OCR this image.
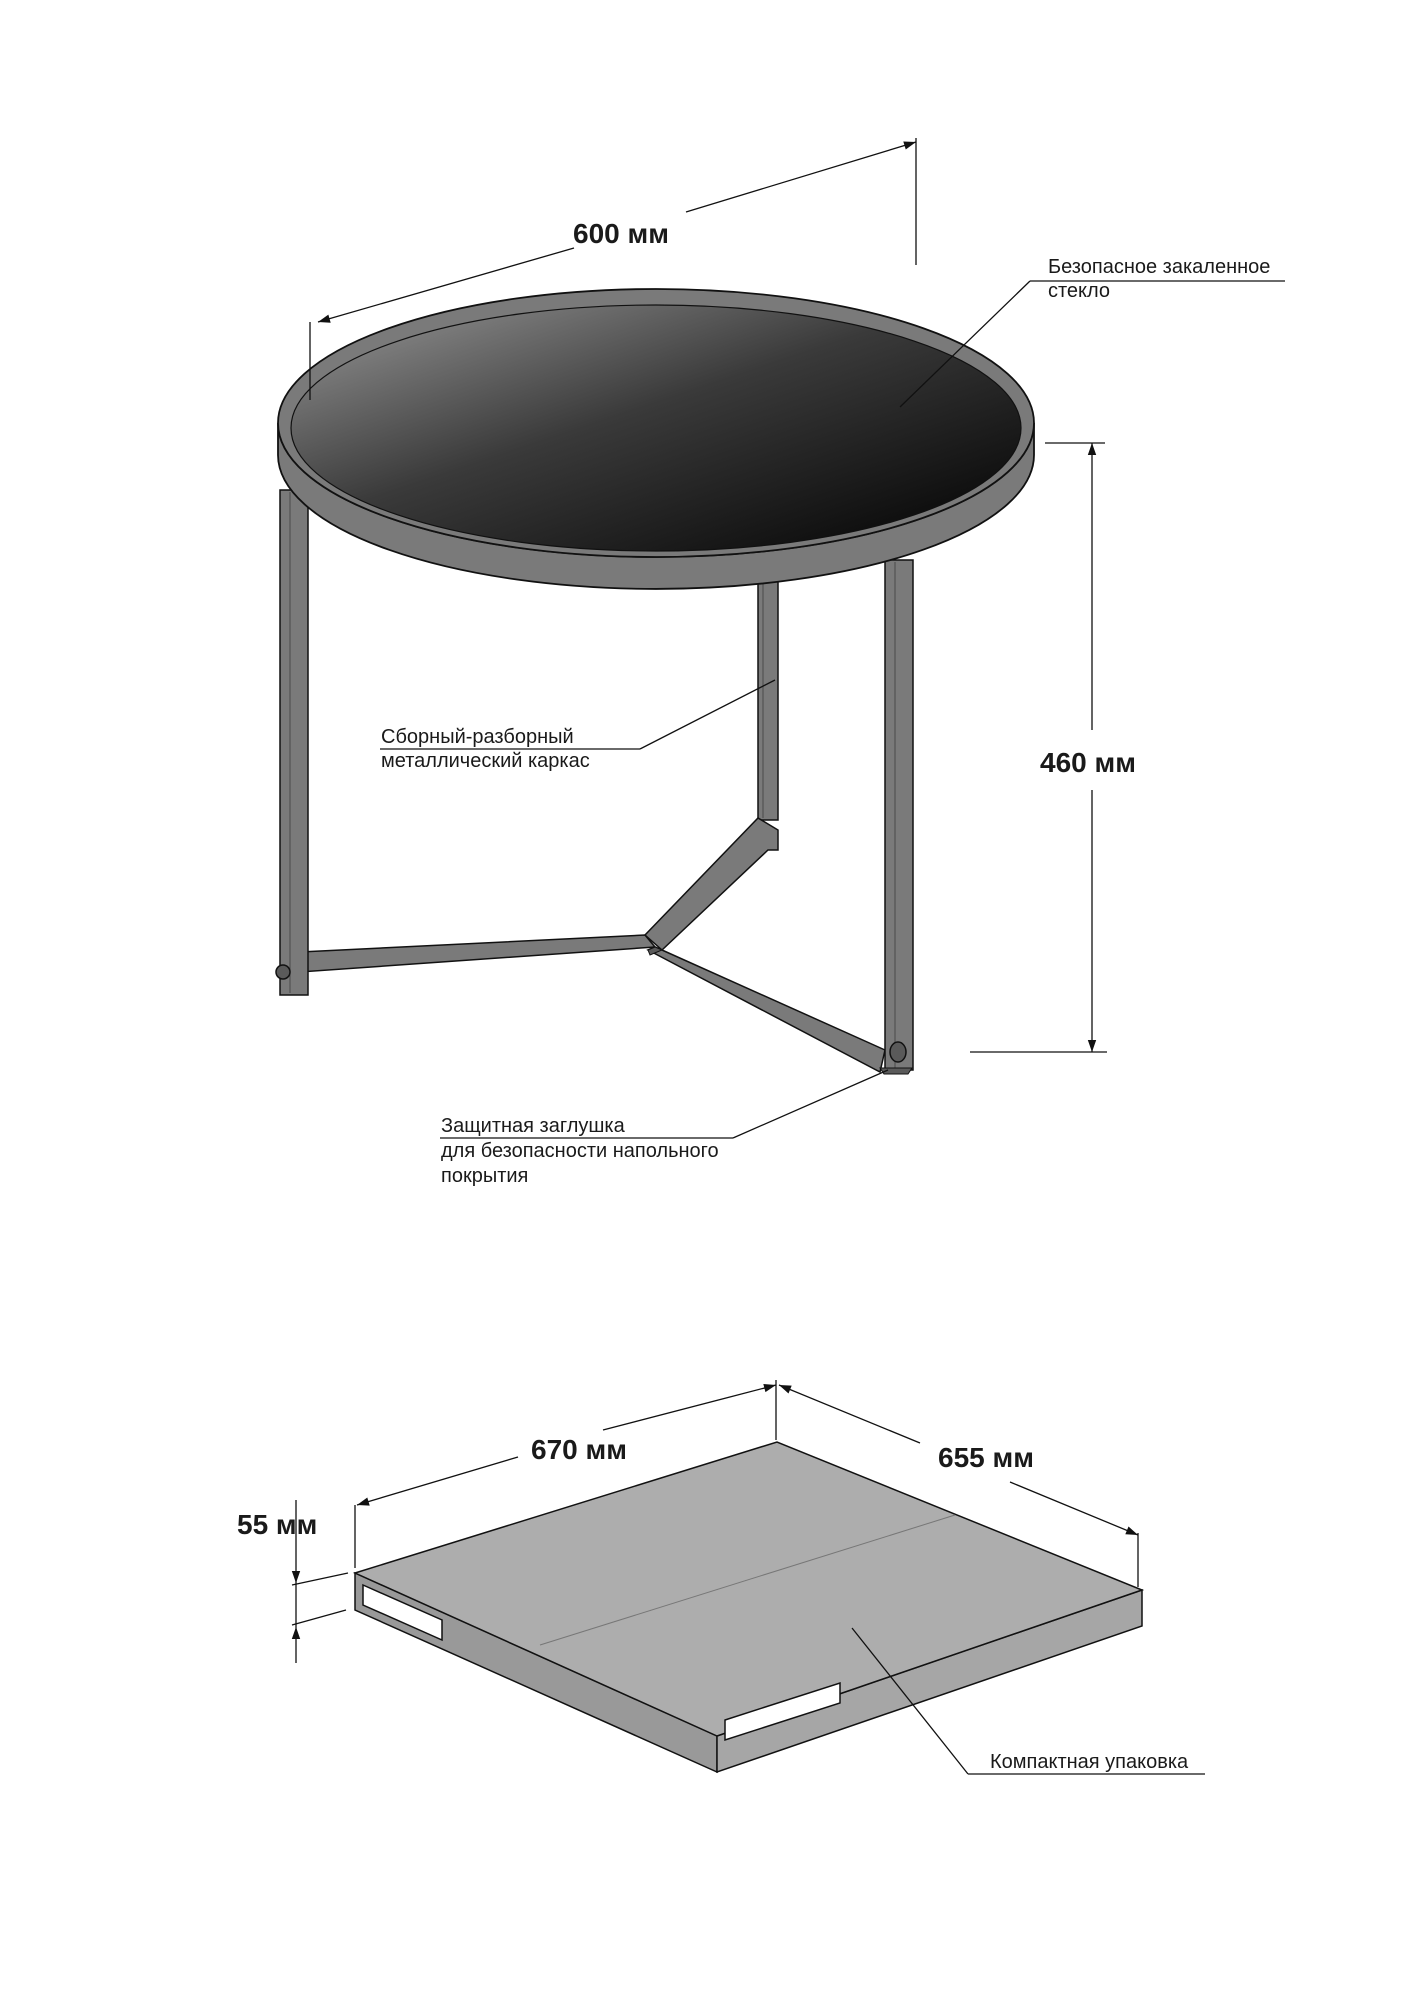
600 мм
460 мм
Безопасное закаленное
стекло
Сборный-разборный
металлический каркас
Защитная заглушка
для безопасности напольного
покрытия
670 мм	655 мм
55 мм
Компактная упаковка
